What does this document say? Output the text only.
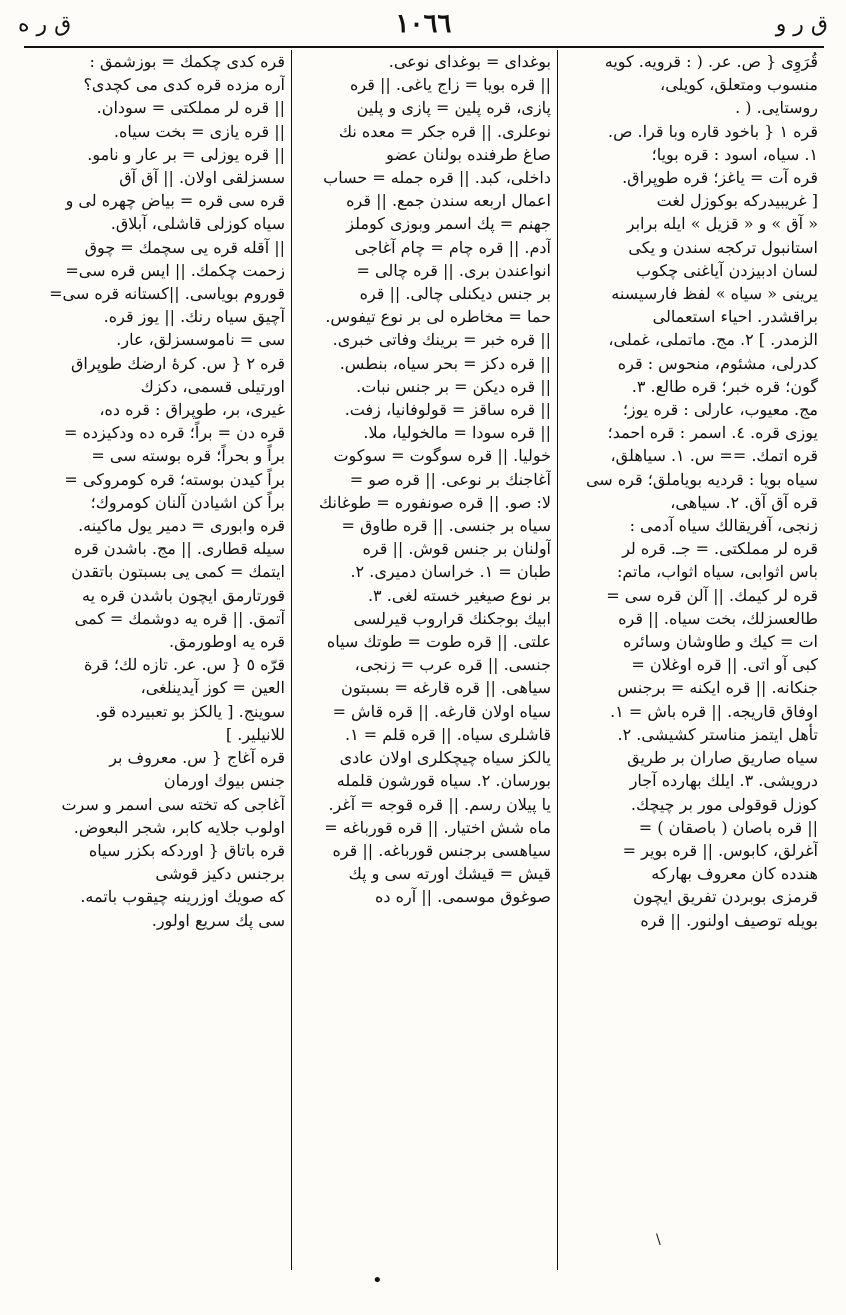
ق ر و
١٠٦٦
ق ر ه
قُرَوِى { ص. عر. ( : قرويه. كويه
منسوب ومتعلق، كويلى،
روستايى. ( .
قره ١ { باخود قاره وبا قرا. ص.
١. سياه، اسود : قره بويا؛
قره آت = ياغز؛ قره طوپراق.
[ غريبيدركه بوكوزل لغت
« آق » و « قزيل » ايله برابر
استانبول تركجه سندن و يكى
لسان ادبيزدن آياغنى چكوب
يرينى « سياه » لفظ فارسيسنه
براقشدر. احياء استعمالى
الزمدر. ] ٢. مج. ماتملى، غملى،
كدرلى، مشئوم، منحوس : قره
گون؛ قره خبر؛ قره طالع. ٣.
مج. معيوب، عارلى : قره يوز؛
يوزى قره. ٤. اسمر : قره احمد؛
قره اتمك. == س. ١. سياهلق،
سياه بويا : قرديه بوياملق؛ قره سى
قره آق آق. ٢. سياهى،
زنجى، آفريقالك سياه آدمى :
قره لر مملكتى. = جـ. قره لر
باس اثوابى، سياه اثواب، ماتم:
قره لر كيمك. || آلن قره سى =
طالعسزلك، بخت سياه. || قره
ات = كيك و طاوشان وسائره
كبى آو اتى. || قره اوغلان =
جنكانه. || قره ايكنه = برجنس
اوفاق قاريجه. || قره باش = ١.
تأهل ايتمز مناستر كشيشى. ٢.
سياه صاريق صاران بر طريق
درويشى. ٣. ايلك بهارده آجار
كوزل قوقولى مور بر چيچك.
|| قره باصان ( باصقان ) =
آغرلق، كابوس. || قره بوير =
هندده كان معروف بهاركه
قرمزى بوبردن تفريق ايچون
بويله توصيف اولنور. || قره
بوغداى = بوغداى نوعى.
|| قره بويا = زاج ياغى. || قره
پازى، قره پلين = پازى و پلين
نوعلرى. || قره جكر = معده نك
صاغ طرفنده بولنان عضو
داخلى، كبد. || قره جمله = حساب
اعمال اربعه سندن جمع. || قره
جهنم = پك اسمر وبوزى كوملز
آدم. || قره چام = چام آغاجى
انواعندن برى. || قره چالى =
بر جنس ديكنلى چالى. || قره
حما = مخاطره لى بر نوع تيفوس.
|| قره خبر = برينك وفاتى خبرى.
|| قره دكز = بحر سياه، بنطس.
|| قره ديكن = بر جنس نبات.
|| قره ساقز = قولوفانيا، زفت.
|| قره سودا = مالخوليا، ملا.
خوليا. || قره سوگوت = سوكوت
آغاجنك بر نوعى. || قره صو =
لا: صو. || قره صونفوره = طوغانك
سياه بر جنسى. || قره طاوق =
آولنان بر جنس قوش. || قره
طبان = ١. خراسان دميرى. ٢.
بر نوع صيغير خسته لغى. ٣.
ابيك بوجكنك قراروب قيرلسى
علتى. || قره طوت = طوتك سياه
جنسى. || قره عرب = زنجى،
سياهى. || قره قارغه = بسبتون
سياه اولان قارغه. || قره قاش =
قاشلرى سياه. || قره قلم = ١.
يالكز سياه چيچكلرى اولان عادى
بورسان. ٢. سياه قورشون قلمله
يا پيلان رسم. || قره قوجه = آغر.
ماه شش اختيار. || قره قورباغه =
سياهسى برجنس قورباغه. || قره
قيش = قيشك اورته سى و پك
صوغوق موسمى. || آره ده
قره كدى چكمك = بوزشمق :
آره مزده قره كدى مى كچدى؟
|| قره لر مملكتى = سودان.
|| قره يازى = بخت سياه.
|| قره يوزلى = بر عار و نامو.
سسزلقى اولان. || آق آق
قره سى قره = بياض چهره لى و
سياه كوزلى قاشلى، آبلاق.
|| آقله قره يى سچمك = چوق
زحمت چكمك. || ايس قره سى=
قوروم بوياسى. ||كستانه قره سى=
آچيق سياه رنك. || يوز قره.
سى = ناموسسزلق، عار.
قره ٢ { س. كرهٔ ارضك طوپراق
اورتيلى قسمى، دكزك
غيرى، بر، طوپراق : قره ده،
قره دن = براً؛ قره ده ودكيزده =
براً و بحراً؛ قره بوسته سى =
براً كيدن بوسته؛ قره كومروكى =
براً كن اشيادن آلنان كومروك؛
قره وابورى = دمير يول ماكينه.
سيله قطارى. || مج. باشدن قره
ايتمك = كمى يى بسبتون باتقدن
قورتارمق ايچون باشدن قره يه
آتمق. || قره يه دوشمك = كمى
قره يه اوطورمق.
قرّه ٥ { س. عر. تازه لك؛ قرة
العين = كوز آيدينلغى،
سوينج. [ يالكز بو تعبيرده قو.
للانيلير. ]
قره آغاج { س. معروف بر
جنس بيوك اورمان
آغاجى كه تخته سى اسمر و سرت
اولوب جلايه كابر، شجر البعوض.
قره باتاق { اوردكه بكزر سياه
برجنس دكيز قوشى
كه صويك اوزرينه چيقوب باتمه.
سى پك سريع اولور.
\
•
